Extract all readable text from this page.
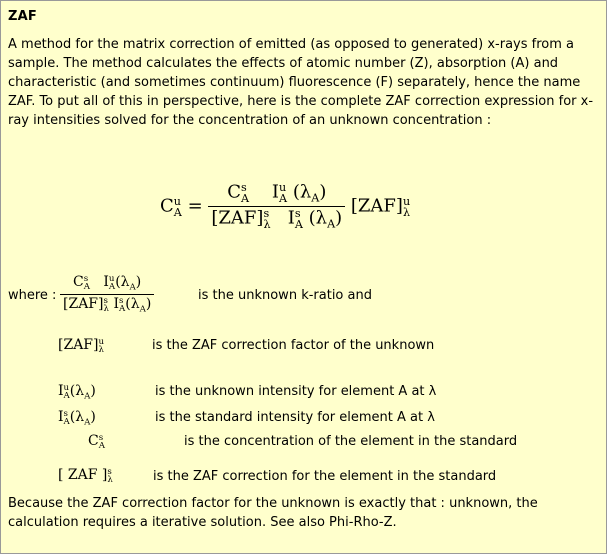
ZAF
A method for the matrix correction of emitted (as opposed to generated) x-rays from a sample. The method calculates the effects of atomic number (Z), absorption (A) and characteristic (and sometimes continuum) fluorescence (F) separately, hence the name ZAF. To put all of this in perspective, here is the complete ZAF correction expression for x-ray intensities solved for the concentration of an unknown concentration :
C u
A = C s
A I u
A $(\lambda_A)$
[ZAF] s
λ I s
A $(\lambda_A)$ [ZAF] u
λ
where : C s
A I u
A $(\lambda_A)$
[ZAF] s
λ I s
A $(\lambda_A)$	is the unknown k-ratio and
[ZAF] u
λ	is the ZAF correction factor of the unknown
I u
A $(\lambda_A)$	is the unknown intensity for element A at λ
I s
A $(\lambda_A)$	is the standard intensity for element A at λ
C s
A	is the concentration of the element in the standard
[ ZAF ] s
λ	is the ZAF correction for the element in the standard
Because the ZAF correction factor for the unknown is exactly that : unknown, the calculation requires a iterative solution. See also Phi-Rho-Z.
